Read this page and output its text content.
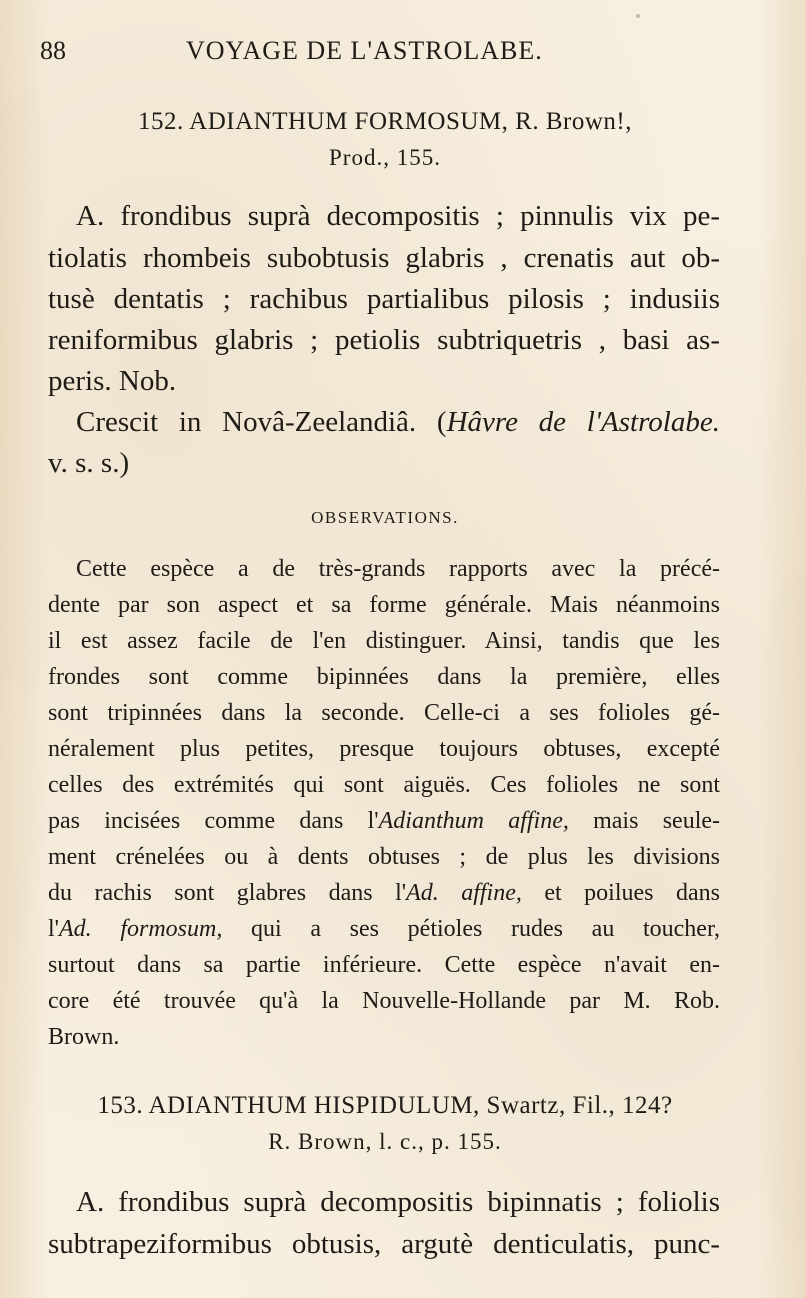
88	VOYAGE DE L'ASTROLABE.
152. ADIANTHUM FORMOSUM, R. Brown!,
Prod., 155.
A. frondibus suprà decompositis ; pinnulis vix pe-
tiolatis rhombeis subobtusis glabris , crenatis aut ob-
tusè dentatis ; rachibus partialibus pilosis ; indusiis
reniformibus glabris ; petiolis subtriquetris , basi as-
peris. Nob.
Crescit in Novâ-Zeelandiâ. (Hâvre de l'Astrolabe.
v. s. s.)
OBSERVATIONS.
Cette espèce a de très-grands rapports avec la précé-
dente par son aspect et sa forme générale. Mais néanmoins
il est assez facile de l'en distinguer. Ainsi, tandis que les
frondes sont comme bipinnées dans la première, elles
sont tripinnées dans la seconde. Celle-ci a ses folioles gé-
néralement plus petites, presque toujours obtuses, excepté
celles des extrémités qui sont aiguës. Ces folioles ne sont
pas incisées comme dans l'Adianthum affine, mais seule-
ment crénelées ou à dents obtuses ; de plus les divisions
du rachis sont glabres dans l'Ad. affine, et poilues dans
l'Ad. formosum, qui a ses pétioles rudes au toucher,
surtout dans sa partie inférieure. Cette espèce n'avait en-
core été trouvée qu'à la Nouvelle-Hollande par M. Rob.
Brown.
153. ADIANTHUM HISPIDULUM, Swartz, Fil., 124?
R. Brown, l. c., p. 155.
A. frondibus suprà decompositis bipinnatis ; foliolis
subtrapeziformibus obtusis, argutè denticulatis, punc-
